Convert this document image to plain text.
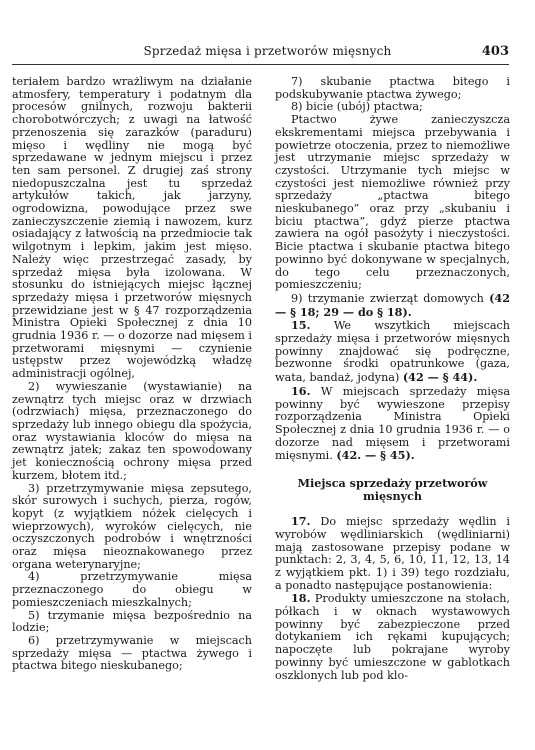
Sprzedaż mięsa i przetworów mięsnych	403

teriałem bardzo wrażliwym na działanie atmosfery, temperatury i podatnym dla procesów gnilnych, rozwoju bakterii chorobotwórczych; z uwagi na łatwość przenoszenia się zarazków (paraduru) mięso i wędliny nie mogą być sprzedawane w jednym miejscu i przez ten sam personel. Z drugiej zaś strony niedopuszczalna jest tu sprzedaż artykułów takich, jak jarzyny, ogrodowizna, powodujące przez swe zanieczyszczenie ziemią i nawozem, kurz osiadający z łatwością na przedmiocie tak wilgotnym i lepkim, jakim jest mięso. Należy więc przestrzegać zasady, by sprzedaż mięsa była izolowana. W stosunku do istniejących miejsc łącznej sprzedaży mięsa i przetworów mięsnych przewidziane jest w § 47 rozporządzenia Ministra Opieki Społecznej z dnia 10 grudnia 1936 r. — o dozorze nad mięsem i przetworami mięsnymi — czynienie ustępstw przez wojewódzką władzę administracji ogólnej,

2) wywieszanie (wystawianie) na zewnątrz tych miejsc oraz w drzwiach (odrzwiach) mięsa, przeznaczonego do sprzedaży lub innego obiegu dla spożycia, oraz wystawiania kloców do mięsa na zewnątrz jatek; zakaz ten spowodowany jet koniecznością ochrony mięsa przed kurzem, błotem itd.;

3) przetrzymywanie mięsa zepsutego, skór surowych i suchych, pierza, rogów, kopyt (z wyjątkiem nóżek cielęcych i wieprzowych), wyroków cielęcych, nie oczyszczonych podrobów i wnętrzności oraz mięsa nieoznakowanego przez organa weterynaryjne;

4) przetrzymywanie mięsa przeznaczonego do obiegu w pomieszczeniach mieszkalnych;

5) trzymanie mięsa bezpośrednio na lodzie;

6) przetrzymywanie w miejscach sprzedaży mięsa — ptactwa żywego i ptactwa bitego nieskubanego;

7) skubanie ptactwa bitego i podskubywanie ptactwa żywego;

8) bicie (ubój) ptactwa;

Ptactwo żywe zanieczyszcza ekskrementami miejsca przebywania i powietrze otoczenia, przez to niemożliwe jest utrzymanie miejsc sprzedaży w czystości. Utrzymanie tych miejsc w czystości jest niemożliwe również przy sprzedaży „ptactwa bitego nieskubanego” oraz przy „skubaniu i biciu ptactwa”, gdyż pierze ptactwa zawiera na ogół pasożyty i nieczystości. Bicie ptactwa i skubanie ptactwa bitego powinno być dokonywane w specjalnych, do tego celu przeznaczonych, pomieszczeniu;

9) trzymanie zwierząt domowych (42 — § 18; 29 — do § 18).

15. We wszytkich miejscach sprzedaży mięsa i przetworów mięsnych powinny znajdować się podręczne, bezwonne środki opatrunkowe (gaza, wata, bandaż, jodyna) (42 — § 44).

16. W miejscach sprzedaży mięsa powinny być wywieszone przepisy rozporządzenia Ministra Opieki Społecznej z dnia 10 grudnia 1936 r. — o dozorze nad mięsem i przetworami mięsnymi. (42. — § 45).

Miejsca sprzedaży przetworów mięsnych

17. Do miejsc sprzedaży wędlin i wyrobów wędliniarskich (wędliniarni) mają zastosowane przepisy podane w punktach: 2, 3, 4, 5, 6, 10, 11, 12, 13, 14 z wyjątkiem pkt. 1) i 39) tego rozdziału, a ponadto następujące postanowienia:

18. Produkty umieszczone na stołach, półkach i w oknach wystawowych powinny być zabezpieczone przed dotykaniem ich rękami kupujących; napoczęte lub pokrajane wyroby powinny być umieszczone w gablotkach oszklonych lub pod klo-
